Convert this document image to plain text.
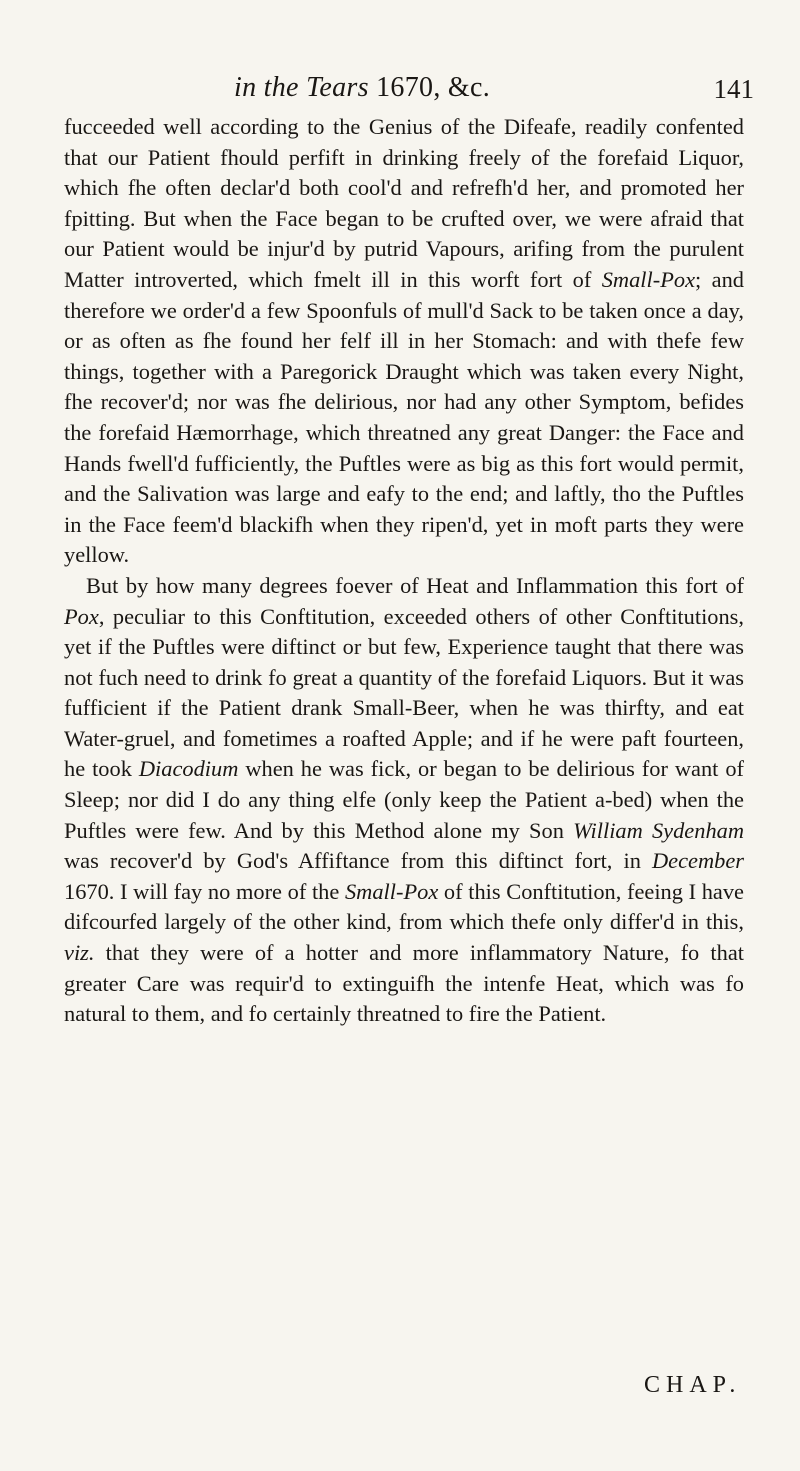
in the Tears 1670, &c.	141

fucceeded well according to the Genius of the Difeafe, readily confented that our Patient fhould perfift in drinking freely of the forefaid Liquor, which fhe often declar'd both cool'd and refrefh'd her, and promoted her fpitting. But when the Face began to be crufted over, we were afraid that our Patient would be injur'd by putrid Vapours, arifing from the purulent Matter introverted, which fmelt ill in this worft fort of Small-Pox; and therefore we order'd a few Spoonfuls of mull'd Sack to be taken once a day, or as often as fhe found her felf ill in her Stomach: and with thefe few things, together with a Paregorick Draught which was taken every Night, fhe recover'd; nor was fhe delirious, nor had any other Symptom, befides the forefaid Hæmorrhage, which threatned any great Danger: the Face and Hands fwell'd fufficiently, the Puftles were as big as this fort would permit, and the Salivation was large and eafy to the end; and laftly, tho the Puftles in the Face feem'd blackifh when they ripen'd, yet in moft parts they were yellow.

But by how many degrees foever of Heat and Inflammation this fort of Pox, peculiar to this Conftitution, exceeded others of other Conftitutions, yet if the Puftles were diftinct or but few, Experience taught that there was not fuch need to drink fo great a quantity of the forefaid Liquors. But it was fufficient if the Patient drank Small-Beer, when he was thirfty, and eat Water-gruel, and fometimes a roafted Apple; and if he were paft fourteen, he took Diacodium when he was fick, or began to be delirious for want of Sleep; nor did I do any thing elfe (only keep the Patient a-bed) when the Puftles were few. And by this Method alone my Son William Sydenham was recover'd by God's Affiftance from this diftinct fort, in December 1670. I will fay no more of the Small-Pox of this Conftitution, feeing I have difcourfed largely of the other kind, from which thefe only differ'd in this, viz. that they were of a hotter and more inflammatory Nature, fo that greater Care was requir'd to extinguifh the intenfe Heat, which was fo natural to them, and fo certainly threatned to fire the Patient.

CHAP.
